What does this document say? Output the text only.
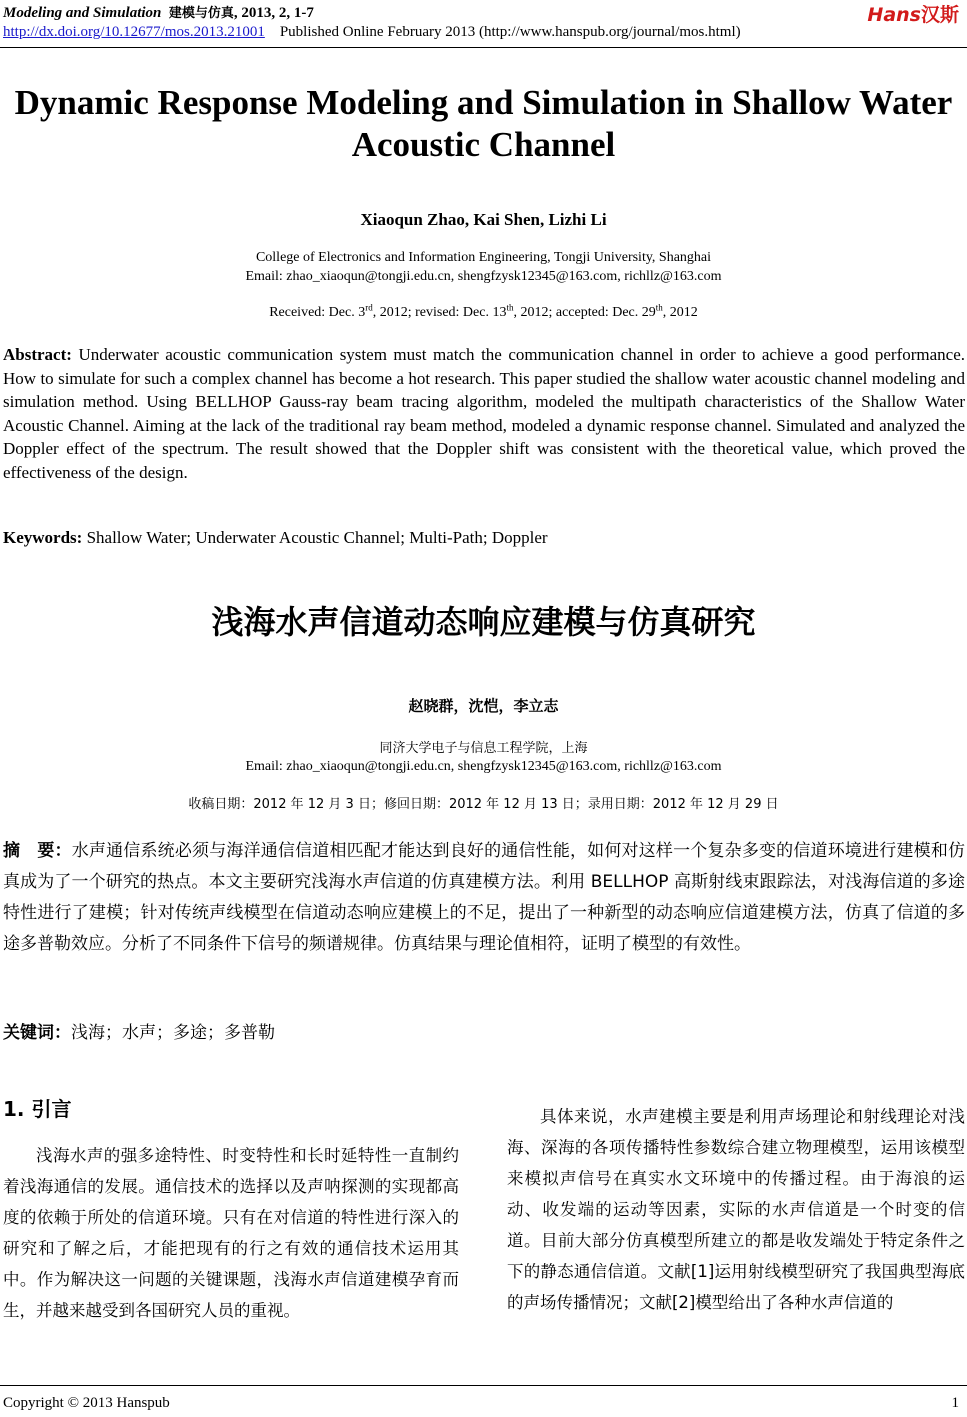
Modeling and Simulation 建模与仿真, 2013, 2, 1-7	Hans汉斯
http://dx.doi.org/10.12677/mos.2013.21001 Published Online February 2013 (http://www.hanspub.org/journal/mos.html)
Dynamic Response Modeling and Simulation in Shallow Water Acoustic Channel
Xiaoqun Zhao, Kai Shen, Lizhi Li
College of Electronics and Information Engineering, Tongji University, Shanghai
Email: zhao_xiaoqun@tongji.edu.cn, shengfzysk12345@163.com, richllz@163.com
Received: Dec. 3rd, 2012; revised: Dec. 13th, 2012; accepted: Dec. 29th, 2012
Abstract: Underwater acoustic communication system must match the communication channel in order to achieve a good performance. How to simulate for such a complex channel has become a hot research. This paper studied the shallow water acoustic channel modeling and simulation method. Using BELLHOP Gauss-ray beam tracing algorithm, modeled the multipath characteristics of the Shallow Water Acoustic Channel. Aiming at the lack of the traditional ray beam method, modeled a dynamic response channel. Simulated and analyzed the Doppler effect of the spectrum. The result showed that the Doppler shift was consistent with the theoretical value, which proved the effectiveness of the design.
Keywords: Shallow Water; Underwater Acoustic Channel; Multi-Path; Doppler
浅海水声信道动态响应建模与仿真研究
赵晓群，沈恺，李立志
同济大学电子与信息工程学院，上海
Email: zhao_xiaoqun@tongji.edu.cn, shengfzysk12345@163.com, richllz@163.com
收稿日期：2012 年 12 月 3 日；修回日期：2012 年 12 月 13 日；录用日期：2012 年 12 月 29 日
摘　要：水声通信系统必须与海洋通信信道相匹配才能达到良好的通信性能，如何对这样一个复杂多变的信道环境进行建模和仿真成为了一个研究的热点。本文主要研究浅海水声信道的仿真建模方法。利用 BELLHOP 高斯射线束跟踪法，对浅海信道的多途特性进行了建模；针对传统声线模型在信道动态响应建模上的不足，提出了一种新型的动态响应信道建模方法，仿真了信道的多途多普勒效应。分析了不同条件下信号的频谱规律。仿真结果与理论值相符，证明了模型的有效性。
关键词：浅海；水声；多途；多普勒
1. 引言

浅海水声的强多途特性、时变特性和长时延特性一直制约着浅海通信的发展。通信技术的选择以及声呐探测的实现都高度的依赖于所处的信道环境。只有在对信道的特性进行深入的研究和了解之后，才能把现有的行之有效的通信技术运用其中。作为解决这一问题的关键课题，浅海水声信道建模孕育而生，并越来越受到各国研究人员的重视。

具体来说，水声建模主要是利用声场理论和射线理论对浅海、深海的各项传播特性参数综合建立物理模型，运用该模型来模拟声信号在真实水文环境中的传播过程。由于海浪的运动、收发端的运动等因素，实际的水声信道是一个时变的信道。目前大部分仿真模型所建立的都是收发端处于特定条件之下的静态通信信道。文献[1]运用射线模型研究了我国典型海底的声场传播情况；文献[2]模型给出了各种水声信道的

Copyright © 2013 Hanspub	1
